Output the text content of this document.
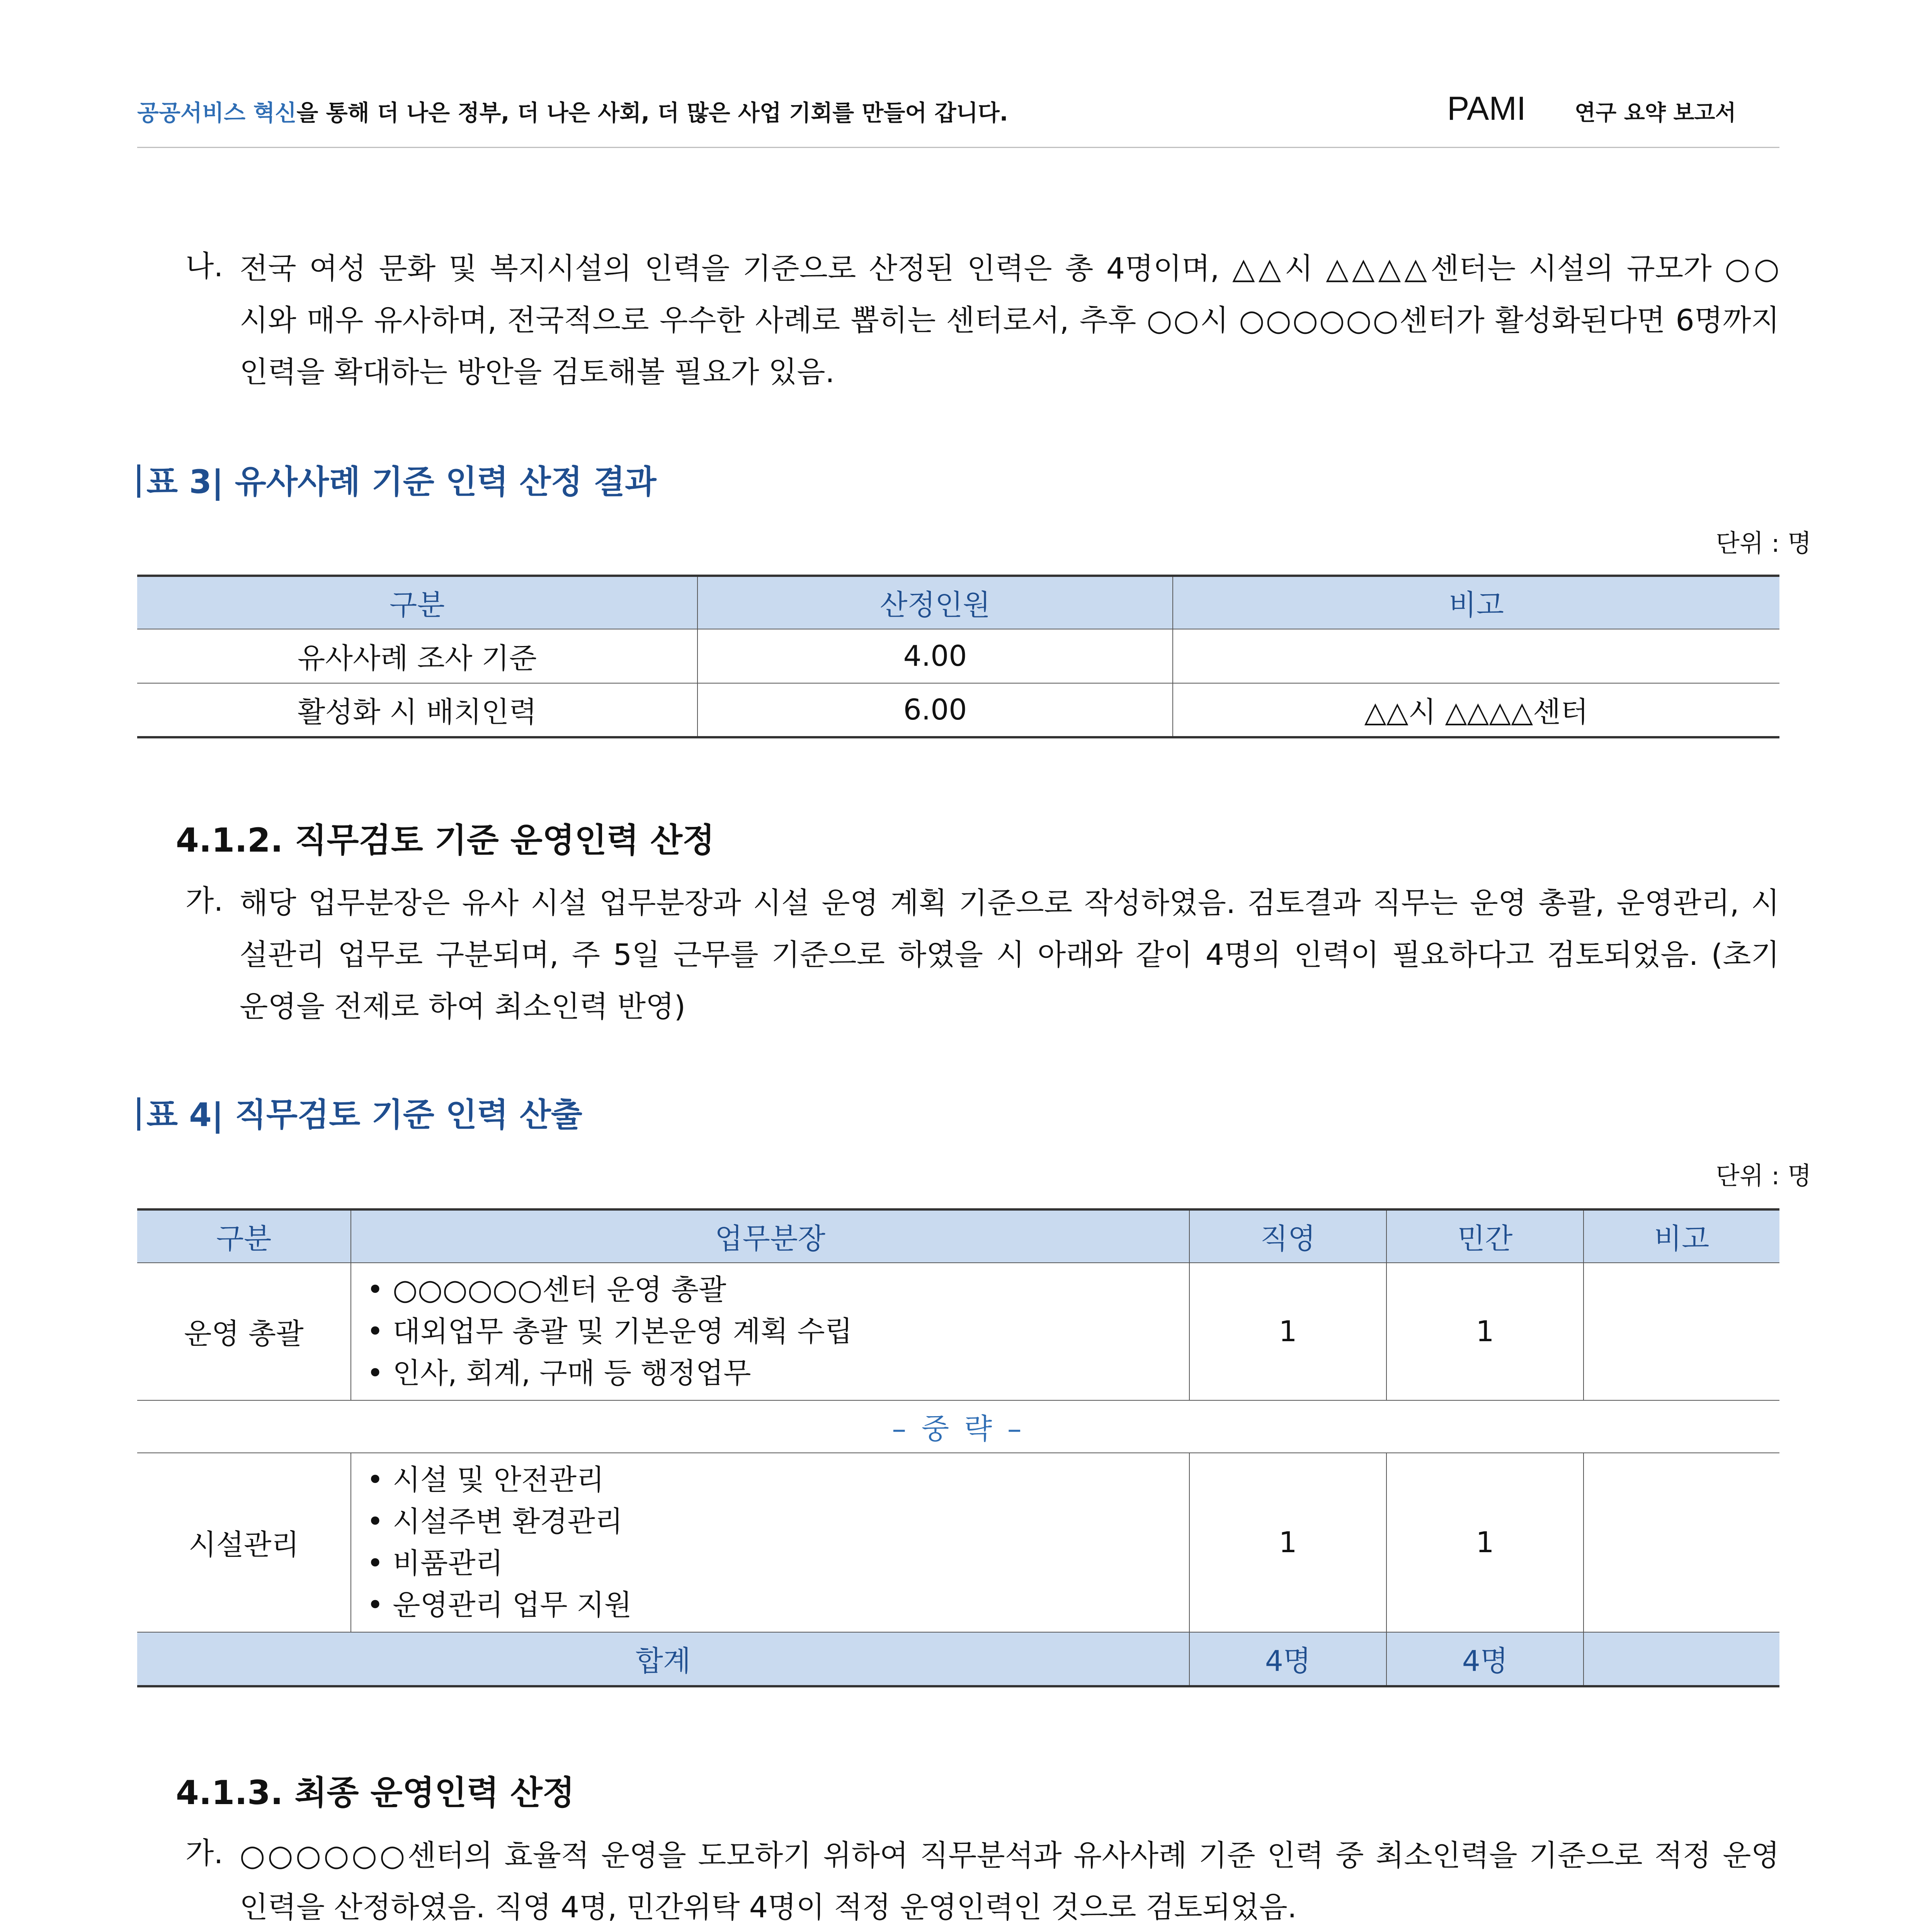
공공서비스 혁신을 통해 더 나은 정부, 더 나은 사회, 더 많은 사업 기회를 만들어 갑니다.	PAMI 연구 요약 보고서
나. 전국 여성 문화 및 복지시설의 인력을 기준으로 산정된 인력은 총 4명이며, △△시 △△△△센터는 시설의 규모가 ○○
시와 매우 유사하며, 전국적으로 우수한 사례로 뽑히는 센터로서, 추후 ○○시 ○○○○○○센터가 활성화된다면 6명까지
인력을 확대하는 방안을 검토해볼 필요가 있음.
표 3| 유사사례 기준 인력 산정 결과
단위 : 명
구분	산정인원	비고
유사사례 조사 기준	4.00	
활성화 시 배치인력	6.00	△△시 △△△△센터
4.1.2. 직무검토 기준 운영인력 산정
가. 해당 업무분장은 유사 시설 업무분장과 시설 운영 계획 기준으로 작성하였음. 검토결과 직무는 운영 총괄, 운영관리, 시
설관리 업무로 구분되며, 주 5일 근무를 기준으로 하였을 시 아래와 같이 4명의 인력이 필요하다고 검토되었음. (초기
운영을 전제로 하여 최소인력 반영)
표 4| 직무검토 기준 인력 산출
단위 : 명
구분	업무분장	직영	민간	비고
운영 총괄	• ○○○○○○센터 운영 총괄
• 대외업무 총괄 및 기본운영 계획 수립
• 인사, 회계, 구매 등 행정업무	1	1	
– 중 략 –				
시설관리	• 시설 및 안전관리
• 시설주변 환경관리
• 비품관리
• 운영관리 업무 지원	1	1	
합계		4명	4명	
4.1.3. 최종 운영인력 산정
가. ○○○○○○센터의 효율적 운영을 도모하기 위하여 직무분석과 유사사례 기준 인력 중 최소인력을 기준으로 적정 운영
인력을 산정하였음. 직영 4명, 민간위탁 4명이 적정 운영인력인 것으로 검토되었음.
